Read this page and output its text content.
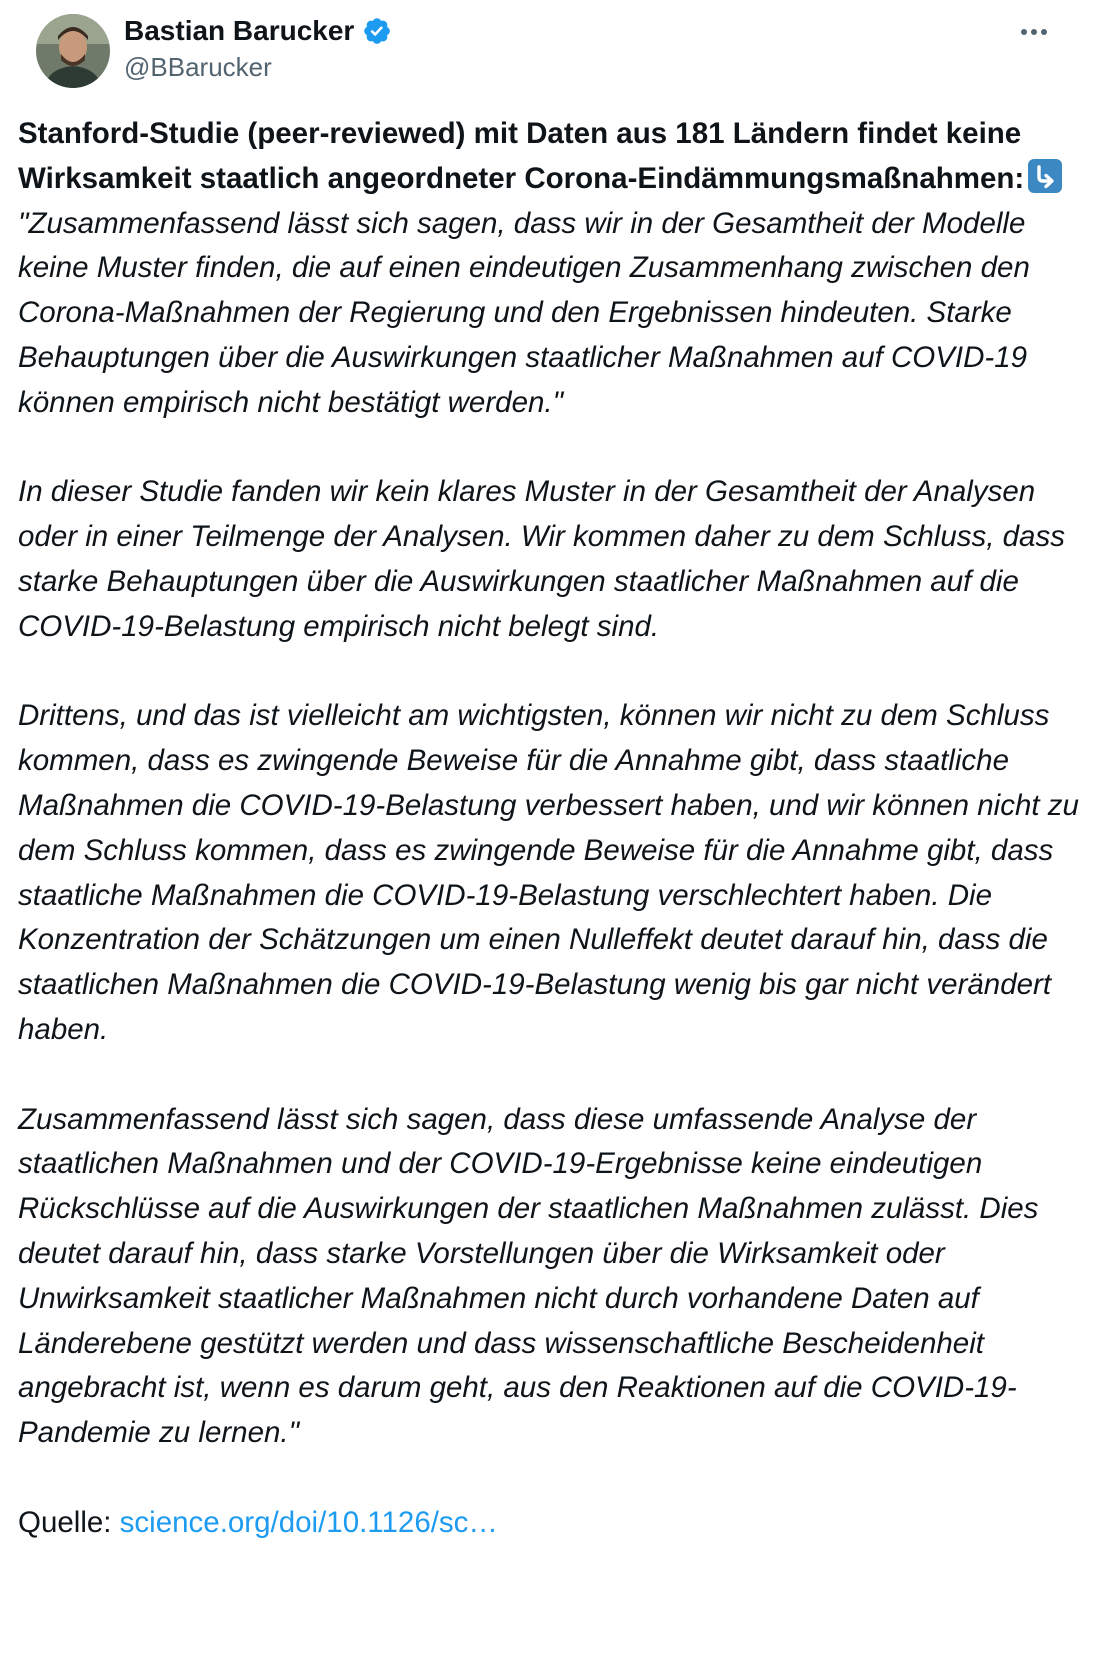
Bastian Barucker
@BBarucker

Stanford-Studie (peer-reviewed) mit Daten aus 181 Ländern findet keine Wirksamkeit staatlich angeordneter Corona-Eindämmungsmaßnahmen:
"Zusammenfassend lässt sich sagen, dass wir in der Gesamtheit der Modelle keine Muster finden, die auf einen eindeutigen Zusammenhang zwischen den Corona-Maßnahmen der Regierung und den Ergebnissen hindeuten. Starke Behauptungen über die Auswirkungen staatlicher Maßnahmen auf COVID-19 können empirisch nicht bestätigt werden."

In dieser Studie fanden wir kein klares Muster in der Gesamtheit der Analysen oder in einer Teilmenge der Analysen. Wir kommen daher zu dem Schluss, dass starke Behauptungen über die Auswirkungen staatlicher Maßnahmen auf die COVID-19-Belastung empirisch nicht belegt sind.

Drittens, und das ist vielleicht am wichtigsten, können wir nicht zu dem Schluss kommen, dass es zwingende Beweise für die Annahme gibt, dass staatliche Maßnahmen die COVID-19-Belastung verbessert haben, und wir können nicht zu dem Schluss kommen, dass es zwingende Beweise für die Annahme gibt, dass staatliche Maßnahmen die COVID-19-Belastung verschlechtert haben. Die Konzentration der Schätzungen um einen Nulleffekt deutet darauf hin, dass die staatlichen Maßnahmen die COVID-19-Belastung wenig bis gar nicht verändert haben.

Zusammenfassend lässt sich sagen, dass diese umfassende Analyse der staatlichen Maßnahmen und der COVID-19-Ergebnisse keine eindeutigen Rückschlüsse auf die Auswirkungen der staatlichen Maßnahmen zulässt. Dies deutet darauf hin, dass starke Vorstellungen über die Wirksamkeit oder Unwirksamkeit staatlicher Maßnahmen nicht durch vorhandene Daten auf Länderebene gestützt werden und dass wissenschaftliche Bescheidenheit angebracht ist, wenn es darum geht, aus den Reaktionen auf die COVID-19-Pandemie zu lernen."

Quelle: science.org/doi/10.1126/sc…
